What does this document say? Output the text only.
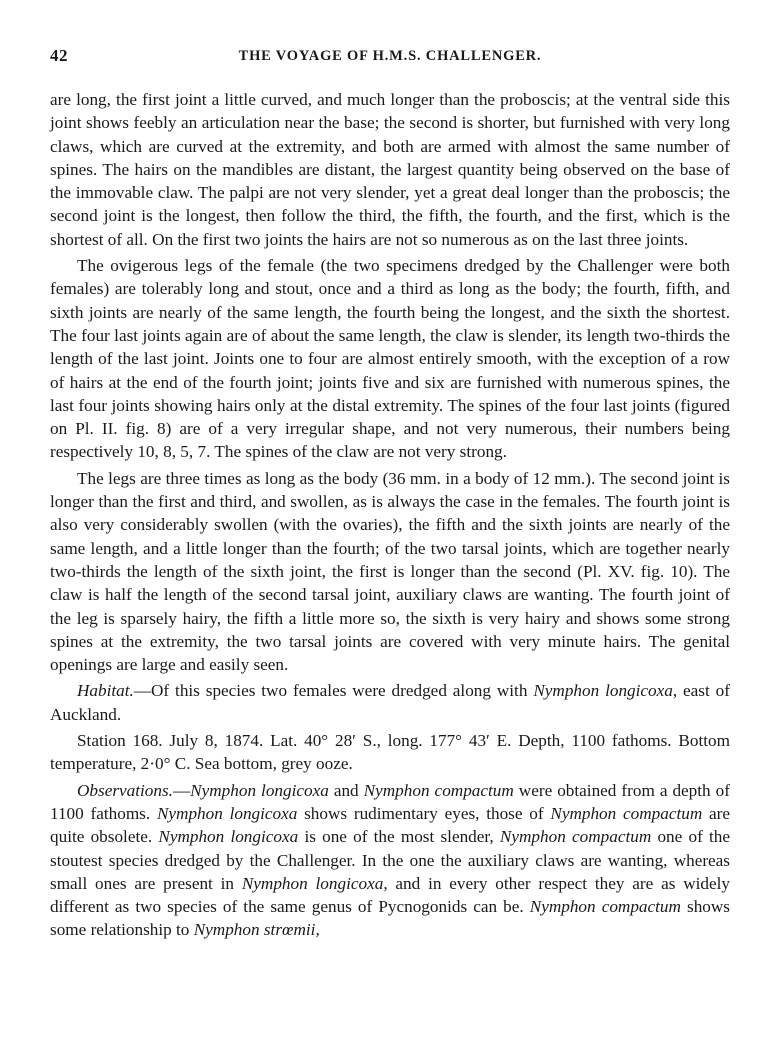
42	THE VOYAGE OF H.M.S. CHALLENGER.

are long, the first joint a little curved, and much longer than the proboscis; at the ventral side this joint shows feebly an articulation near the base; the second is shorter, but furnished with very long claws, which are curved at the extremity, and both are armed with almost the same number of spines. The hairs on the mandibles are distant, the largest quantity being observed on the base of the immovable claw. The palpi are not very slender, yet a great deal longer than the proboscis; the second joint is the longest, then follow the third, the fifth, the fourth, and the first, which is the shortest of all. On the first two joints the hairs are not so numerous as on the last three joints.

The ovigerous legs of the female (the two specimens dredged by the Challenger were both females) are tolerably long and stout, once and a third as long as the body; the fourth, fifth, and sixth joints are nearly of the same length, the fourth being the longest, and the sixth the shortest. The four last joints again are of about the same length, the claw is slender, its length two-thirds the length of the last joint. Joints one to four are almost entirely smooth, with the exception of a row of hairs at the end of the fourth joint; joints five and six are furnished with numerous spines, the last four joints showing hairs only at the distal extremity. The spines of the four last joints (figured on Pl. II. fig. 8) are of a very irregular shape, and not very numerous, their numbers being respectively 10, 8, 5, 7. The spines of the claw are not very strong.

The legs are three times as long as the body (36 mm. in a body of 12 mm.). The second joint is longer than the first and third, and swollen, as is always the case in the females. The fourth joint is also very considerably swollen (with the ovaries), the fifth and the sixth joints are nearly of the same length, and a little longer than the fourth; of the two tarsal joints, which are together nearly two-thirds the length of the sixth joint, the first is longer than the second (Pl. XV. fig. 10). The claw is half the length of the second tarsal joint, auxiliary claws are wanting. The fourth joint of the leg is sparsely hairy, the fifth a little more so, the sixth is very hairy and shows some strong spines at the extremity, the two tarsal joints are covered with very minute hairs. The genital openings are large and easily seen.

Habitat.—Of this species two females were dredged along with Nymphon longicoxa, east of Auckland.

Station 168. July 8, 1874. Lat. 40° 28′ S., long. 177° 43′ E. Depth, 1100 fathoms. Bottom temperature, 2·0° C. Sea bottom, grey ooze.

Observations.—Nymphon longicoxa and Nymphon compactum were obtained from a depth of 1100 fathoms. Nymphon longicoxa shows rudimentary eyes, those of Nymphon compactum are quite obsolete. Nymphon longicoxa is one of the most slender, Nymphon compactum one of the stoutest species dredged by the Challenger. In the one the auxiliary claws are wanting, whereas small ones are present in Nymphon longicoxa, and in every other respect they are as widely different as two species of the same genus of Pycnogonids can be. Nymphon compactum shows some relationship to Nymphon strœmii,
